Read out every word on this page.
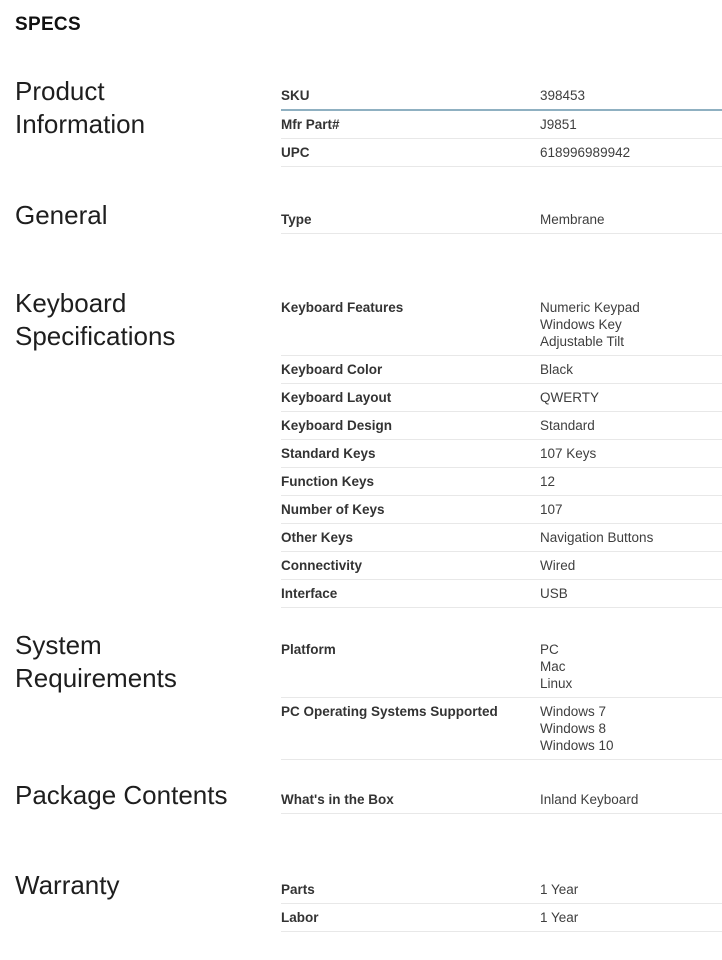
SPECS
Product
Information
SKU	398453
Mfr Part#	J9851
UPC	618996989942
General	Type	Membrane
Keyboard
Specifications
Keyboard Features	Numeric Keypad
Windows Key
Adjustable Tilt
Keyboard Color	Black
Keyboard Layout	QWERTY
Keyboard Design	Standard
Standard Keys	107 Keys
Function Keys	12
Number of Keys	107
Other Keys	Navigation Buttons
Connectivity	Wired
Interface	USB
System
Requirements
Platform	PC
Mac
Linux
PC Operating Systems Supported	Windows 7
Windows 8
Windows 10
Package Contents	What's in the Box	Inland Keyboard
Warranty	Parts	1 Year
Labor	1 Year
